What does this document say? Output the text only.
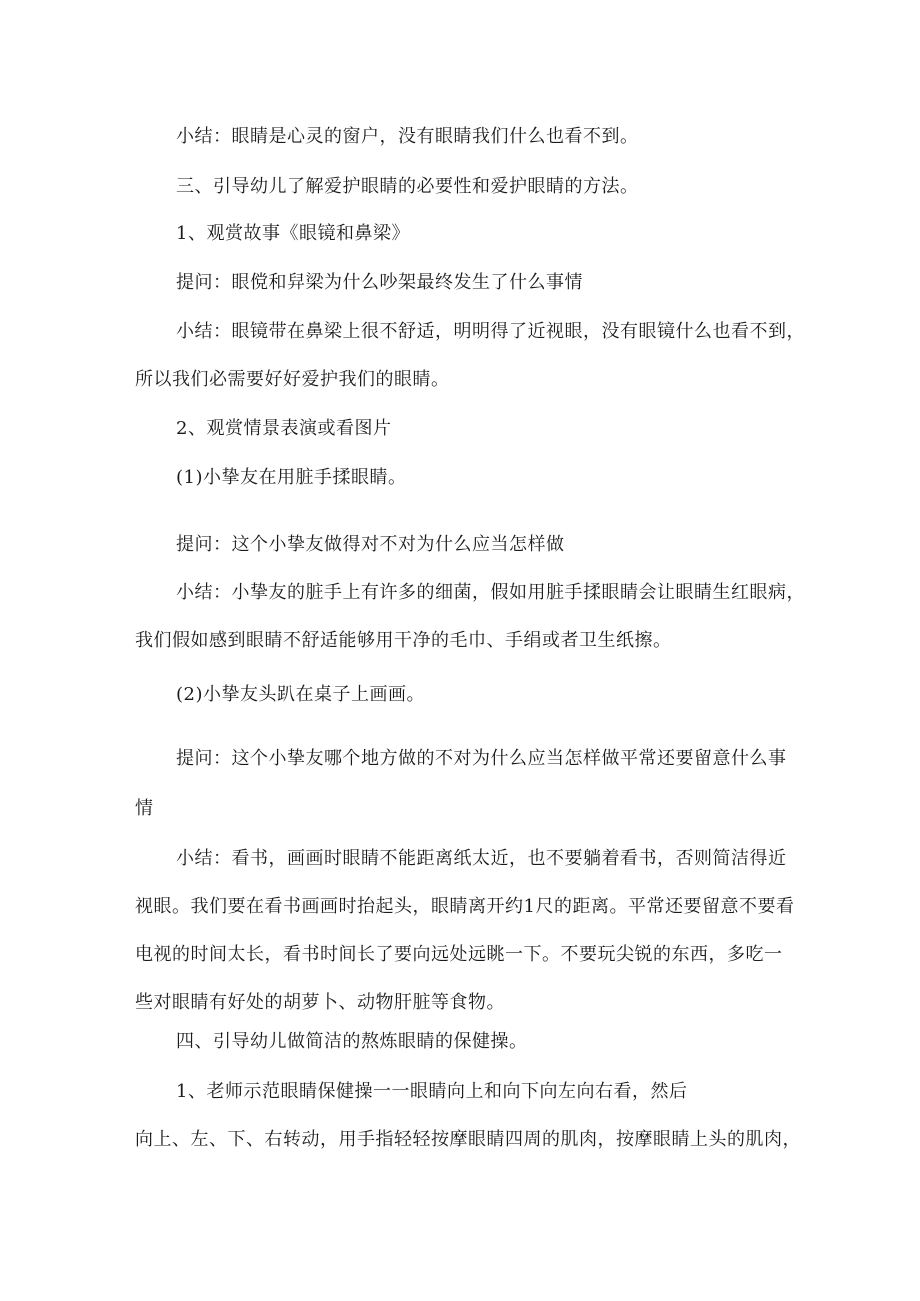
小结：眼睛是心灵的窗户，没有眼睛我们什么也看不到。
三、引导幼儿了解爱护眼睛的必要性和爱护眼睛的方法。
1、观赏故事《眼镜和鼻梁》
提问：眼傥和舁梁为什么吵架最终发生了什么事情
小结：眼镜带在鼻梁上很不舒适，明明得了近视眼，没有眼镜什么也看不到，
所以我们必需要好好爱护我们的眼睛。
2、观赏情景表演或看图片
(1)小挚友在用脏手揉眼睛。
提问：这个小挚友做得对不对为什么应当怎样做
小结：小挚友的脏手上有许多的细菌，假如用脏手揉眼睛会让眼睛生红眼病，
我们假如感到眼睛不舒适能够用干净的毛巾、手绢或者卫生纸擦。
(2)小挚友头趴在桌子上画画。
提问：这个小挚友哪个地方做的不对为什么应当怎样做平常还要留意什么事
情
小结：看书，画画时眼睛不能距离纸太近，也不要躺着看书，否则简洁得近
视眼。我们要在看书画画时抬起头，眼睛离开约1尺的距离。平常还要留意不要看
电视的时间太长，看书时间长了要向远处远眺一下。不要玩尖锐的东西，多吃一
些对眼睛有好处的胡萝卜、动物肝脏等食物。
四、引导幼儿做简洁的熬炼眼睛的保健操。
1、老师示范眼睛保健操一一眼睛向上和向下向左向右看，然后
向上、左、下、右转动，用手指轻轻按摩眼睛四周的肌肉，按摩眼睛上头的肌肉，
